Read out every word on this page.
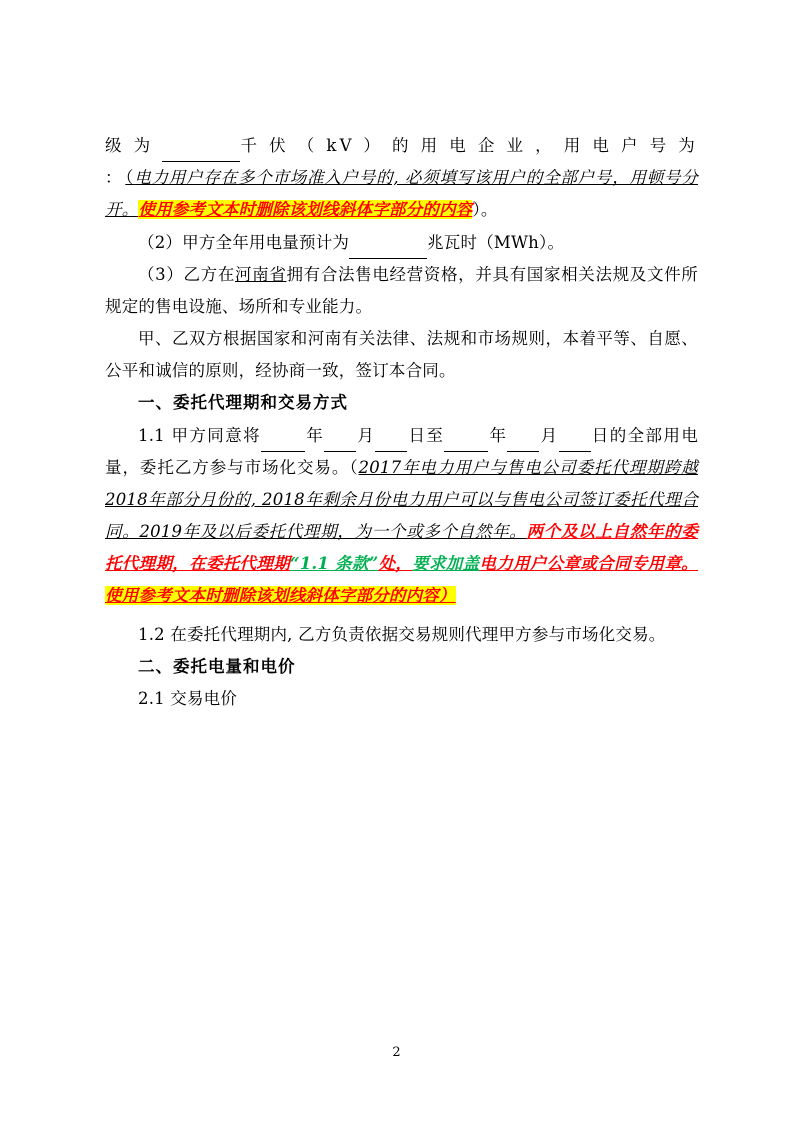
级 为	千 伏 （ kV ） 的 用 电 企 业 ， 用 电 户 号 为 ：（电力用户存在多个市场准入户号的, 必须填写该用户的全部户号，用顿号分开。使用参考文本时删除该划线斜体字部分的内容）。

（2）甲方全年用电量预计为	兆瓦时（MWh）。

（3）乙方在河南省拥有合法售电经营资格，并具有国家相关法规及文件所规定的售电设施、场所和专业能力。

甲、乙双方根据国家和河南有关法律、法规和市场规则，本着平等、自愿、公平和诚信的原则，经协商一致，签订本合同。

一、委托代理期和交易方式

1.1 甲方同意将	年 月 日至	年 月 日的全部用电量，委托乙方参与市场化交易。（2017年电力用户与售电公司委托代理期跨越2018年部分月份的, 2018年剩余月份电力用户可以与售电公司签订委托代理合同。2019年及以后委托代理期，为一个或多个自然年。两个及以上自然年的委托代理期，在委托代理期“1.1 条款”处，要求加盖电力用户公章或合同专用章。使用参考文本时删除该划线斜体字部分的内容）

1.2 在委托代理期内, 乙方负责依据交易规则代理甲方参与市场化交易。

二、委托电量和电价

2.1 交易电价

2
